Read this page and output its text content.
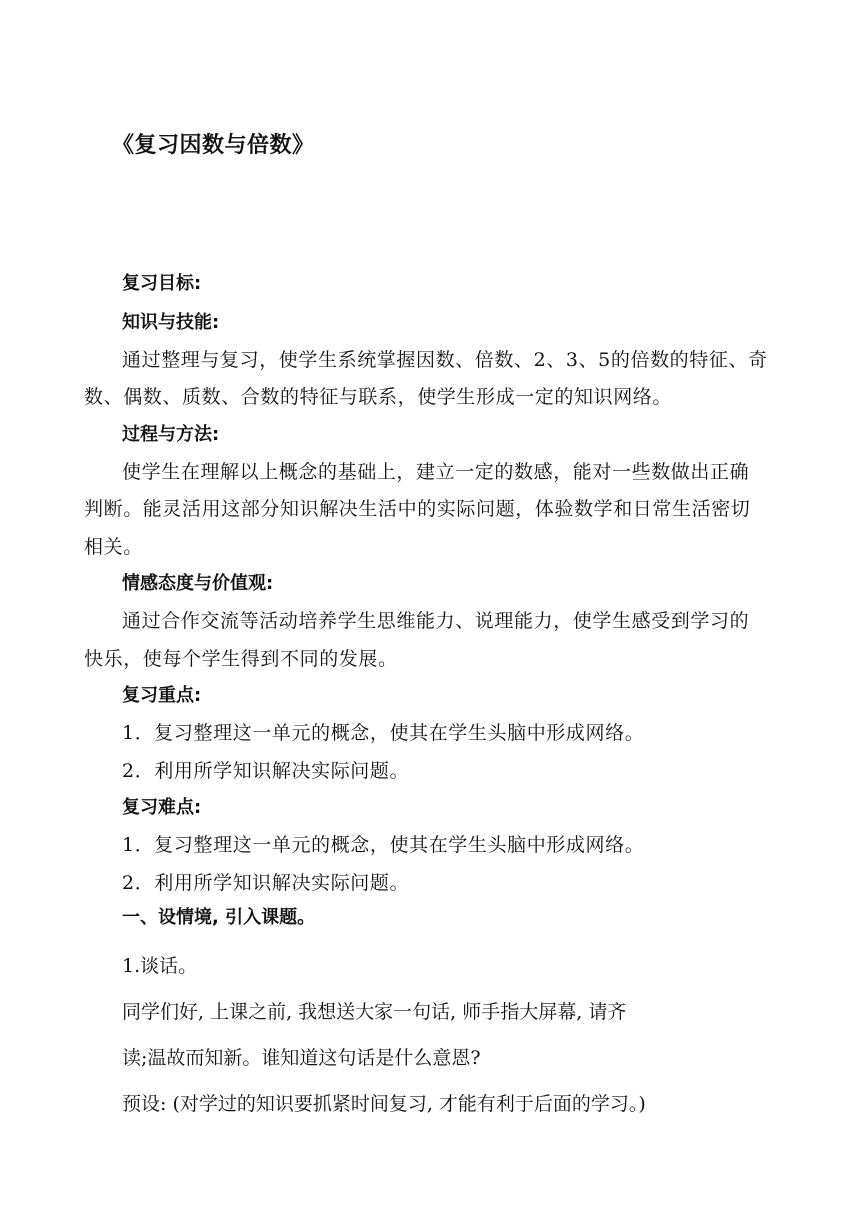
《复习因数与倍数》
复习目标:
知识与技能:
通过整理与复习，使学生系统掌握因数、倍数、2、3、5的倍数的特征、奇
数、偶数、质数、合数的特征与联系，使学生形成一定的知识网络。
过程与方法:
使学生在理解以上概念的基础上，建立一定的数感，能对一些数做出正确
判断。能灵活用这部分知识解决生活中的实际问题，体验数学和日常生活密切
相关。
情感态度与价值观:
通过合作交流等活动培养学生思维能力、说理能力，使学生感受到学习的
快乐，使每个学生得到不同的发展。
复习重点:
1．复习整理这一单元的概念，使其在学生头脑中形成网络。
2．利用所学知识解决实际问题。
复习难点:
1．复习整理这一单元的概念，使其在学生头脑中形成网络。
2．利用所学知识解决实际问题。
一、设情境, 引入课题。
1.谈话。
同学们好, 上课之前, 我想送大家一句话, 师手指大屏幕, 请齐
读;温故而知新。谁知道这句话是什么意恩?
预设: (对学过的知识要抓紧时间复习, 才能有利于后面的学习。)
